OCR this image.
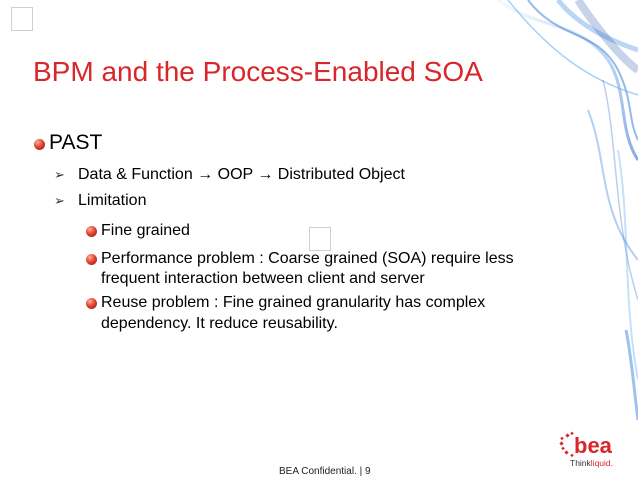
BPM and the Process-Enabled SOA
PAST
➢ Data & Function → OOP → Distributed Object
➢ Limitation
Fine grained
Performance problem : Coarse grained (SOA) require less
frequent interaction between client and server
Reuse problem : Fine grained granularity has complex
dependency. It reduce reusability.
BEA Confidential. | 9
bea
Thinkliquid.
